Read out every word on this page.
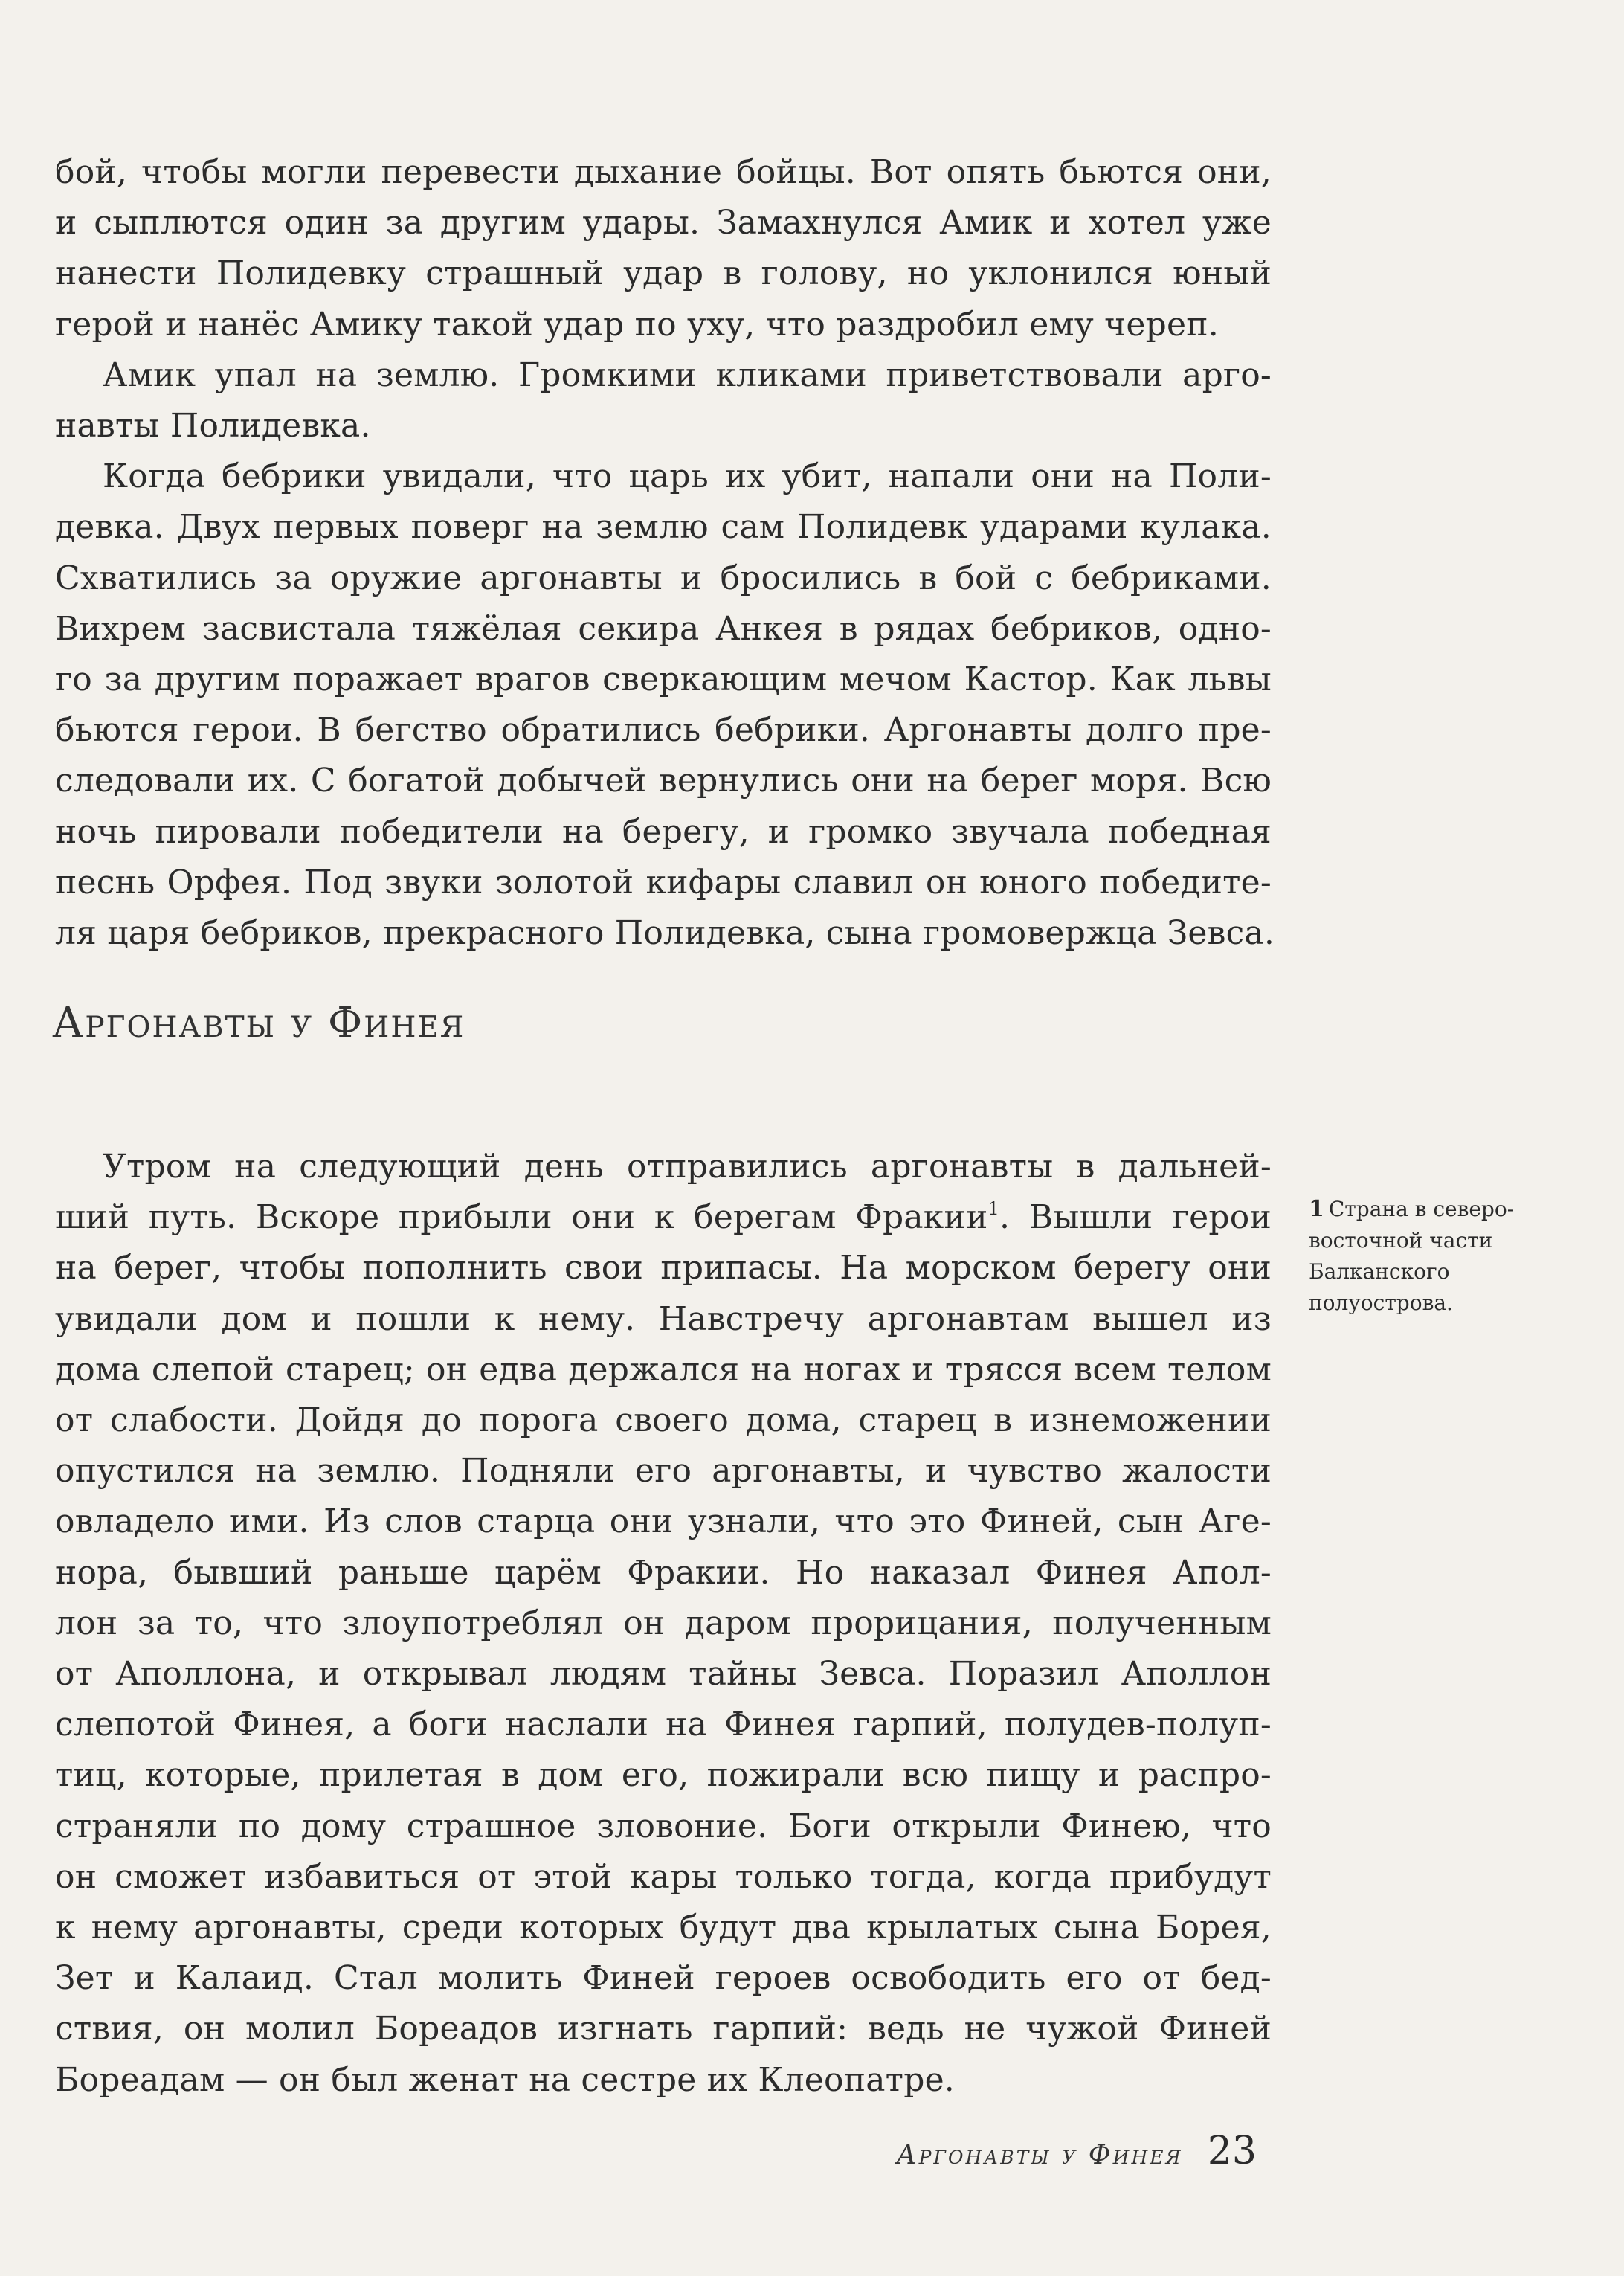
бой, чтобы могли перевести дыхание бойцы. Вот опять бьются они,
и сыплются один за другим удары. Замахнулся Амик и хотел уже
нанести Полидевку страшный удар в голову, но уклонился юный
герой и нанёс Амику такой удар по уху, что раздробил ему череп.
Амик упал на землю. Громкими кликами приветствовали арго-
навты Полидевка.
Когда бебрики увидали, что царь их убит, напали они на Поли-
девка. Двух первых поверг на землю сам Полидевк ударами кулака.
Схватились за оружие аргонавты и бросились в бой с бебриками.
Вихрем засвистала тяжёлая секира Анкея в рядах бебриков, одно-
го за другим поражает врагов сверкающим мечом Кастор. Как львы
бьются герои. В бегство обратились бебрики. Аргонавты долго пре-
следовали их. С богатой добычей вернулись они на берег моря. Всю
ночь пировали победители на берегу, и громко звучала победная
песнь Орфея. Под звуки золотой кифары славил он юного победите-
ля царя бебриков, прекрасного Полидевка, сына громовержца Зевса.
Аргонавты у Финея
Утром на следующий день отправились аргонавты в дальней-
ший путь. Вскоре прибыли они к берегам Фракии$^1$. Вышли герои
на берег, чтобы пополнить свои припасы. На морском берегу они
увидали дом и пошли к нему. Навстречу аргонавтам вышел из
дома слепой старец; он едва держался на ногах и трясся всем телом
от слабости. Дойдя до порога своего дома, старец в изнеможении
опустился на землю. Подняли его аргонавты, и чувство жалости
овладело ими. Из слов старца они узнали, что это Финей, сын Аге-
нора, бывший раньше царём Фракии. Но наказал Финея Апол-
лон за то, что злоупотреблял он даром прорицания, полученным
от Аполлона, и открывал людям тайны Зевса. Поразил Аполлон
слепотой Финея, а боги наслали на Финея гарпий, полудев-полуп-
тиц, которые, прилетая в дом его, пожирали всю пищу и распро-
страняли по дому страшное зловоние. Боги открыли Финею, что
он сможет избавиться от этой кары только тогда, когда прибудут
к нему аргонавты, среди которых будут два крылатых сына Борея,
Зет и Калаид. Стал молить Финей героев освободить его от бед-
ствия, он молил Бореадов изгнать гарпий: ведь не чужой Финей
Бореадам — он был женат на сестре их Клеопатре.
1 Страна в северо-
восточной части
Балканского
полуострова.
Аргонавты у Финея 23
